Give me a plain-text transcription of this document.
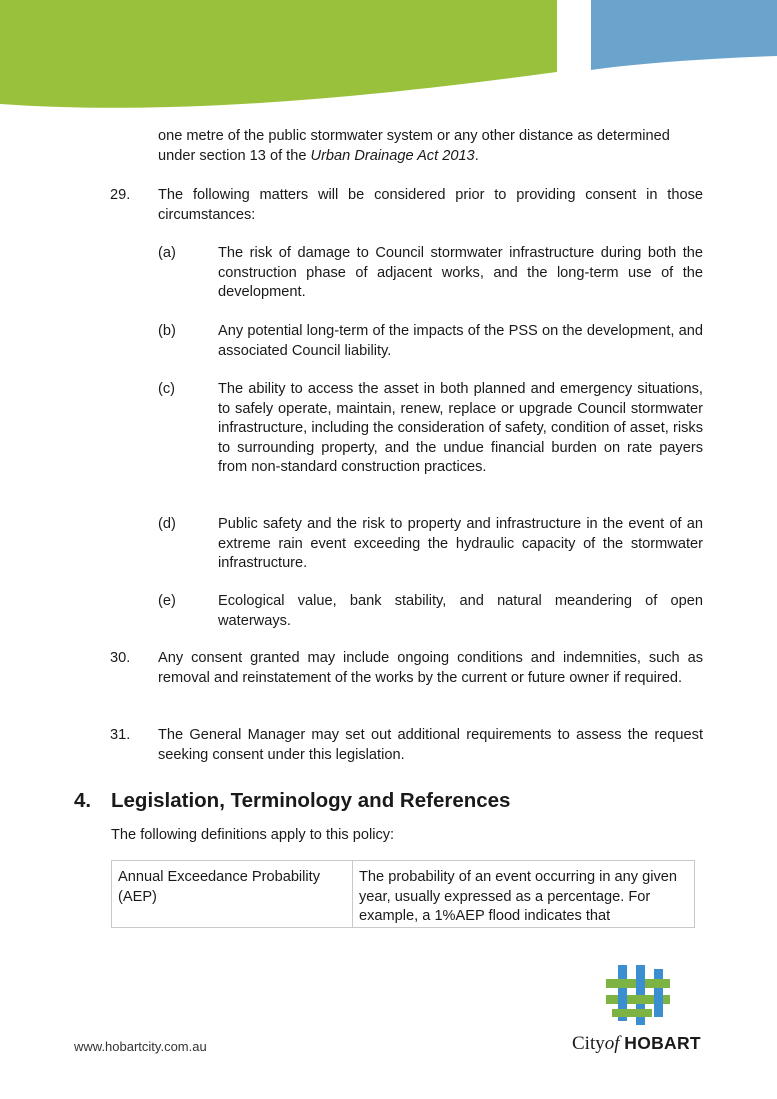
one metre of the public stormwater system or any other distance as determined under section 13 of the Urban Drainage Act 2013.

29. The following matters will be considered prior to providing consent in those circumstances:

(a)	The risk of damage to Council stormwater infrastructure during both the construction phase of adjacent works, and the long-term use of the development.

(b)	Any potential long-term of the impacts of the PSS on the development, and associated Council liability.

(c)	The ability to access the asset in both planned and emergency situations, to safely operate, maintain, renew, replace or upgrade Council stormwater infrastructure, including the consideration of safety, condition of asset, risks to surrounding property, and the undue financial burden on rate payers from non-standard construction practices.

(d)	Public safety and the risk to property and infrastructure in the event of an extreme rain event exceeding the hydraulic capacity of the stormwater infrastructure.

(e)	Ecological value, bank stability, and natural meandering of open waterways.

30. Any consent granted may include ongoing conditions and indemnities, such as removal and reinstatement of the works by the current or future owner if required.

31. The General Manager may set out additional requirements to assess the request seeking consent under this legislation.

4. Legislation, Terminology and References

The following definitions apply to this policy:

Annual Exceedance Probability (AEP)	The probability of an event occurring in any given year, usually expressed as a percentage. For example, a 1%AEP flood indicates that
www.hobartcity.com.au	Cityof HOBART
